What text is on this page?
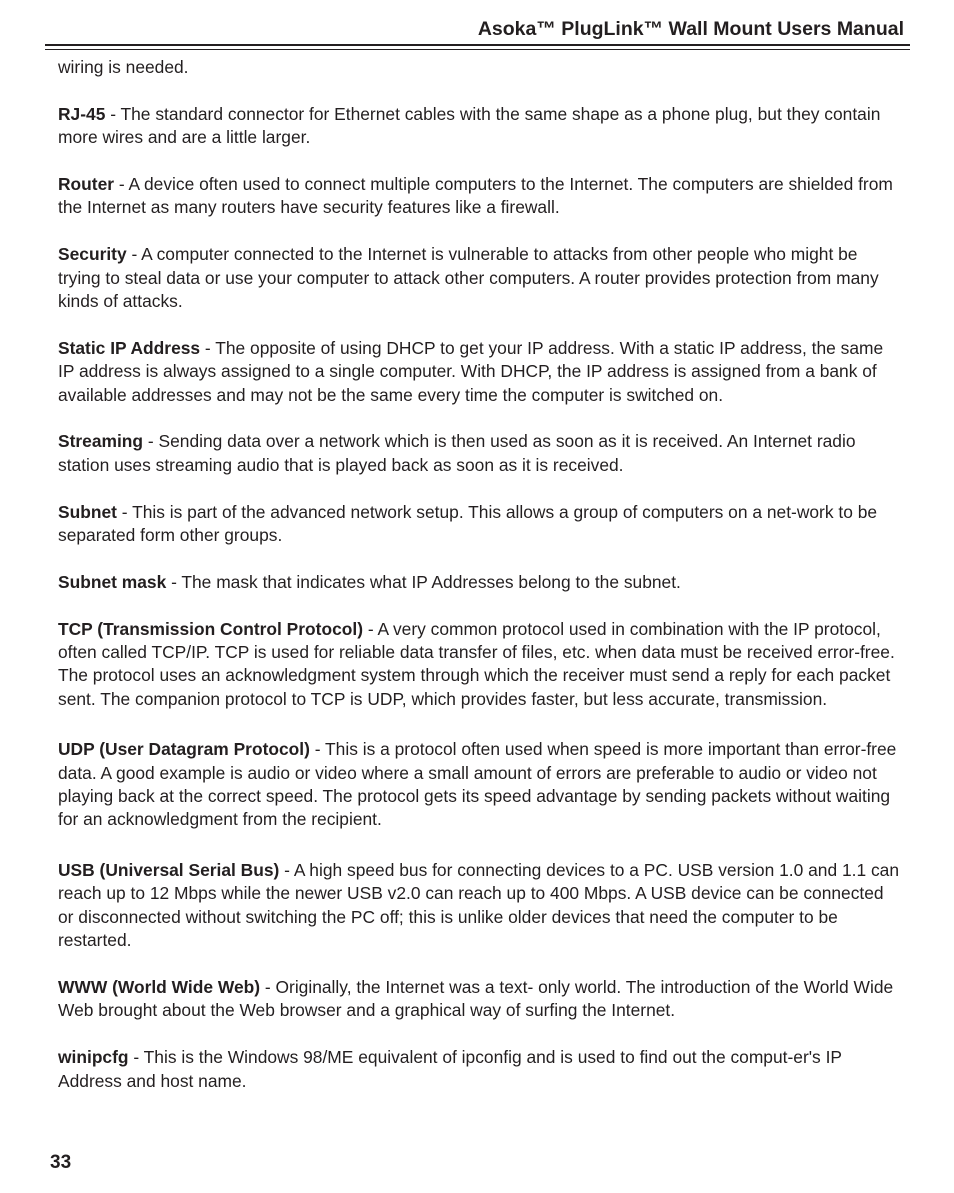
Asoka™ PlugLink™ Wall Mount Users Manual

wiring is needed.

RJ-45 - The standard connector for Ethernet cables with the same shape as a phone plug, but they contain more wires and are a little larger.

Router - A device often used to connect multiple computers to the Internet. The computers are shielded from the Internet as many routers have security features like a firewall.

Security - A computer connected to the Internet is vulnerable to attacks from other people who might be trying to steal data or use your computer to attack other computers. A router provides protection from many kinds of attacks.

Static IP Address - The opposite of using DHCP to get your IP address. With a static IP address, the same IP address is always assigned to a single computer. With DHCP, the IP address is assigned from a bank of available addresses and may not be the same every time the computer is switched on.

Streaming - Sending data over a network which is then used as soon as it is received. An Internet radio station uses streaming audio that is played back as soon as it is received.

Subnet - This is part of the advanced network setup. This allows a group of computers on a net-work to be separated form other groups.

Subnet mask - The mask that indicates what IP Addresses belong to the subnet.

TCP (Transmission Control Protocol) - A very common protocol used in combination with the IP protocol, often called TCP/IP. TCP is used for reliable data transfer of files, etc. when data must be received error-free. The protocol uses an acknowledgment system through which the receiver must send a reply for each packet sent. The companion protocol to TCP is UDP, which provides faster, but less accurate, transmission.

UDP (User Datagram Protocol) - This is a protocol often used when speed is more important than error-free data. A good example is audio or video where a small amount of errors are preferable to audio or video not playing back at the correct speed. The protocol gets its speed advantage by sending packets without waiting for an acknowledgment from the recipient.

USB (Universal Serial Bus) - A high speed bus for connecting devices to a PC. USB version 1.0 and 1.1 can reach up to 12 Mbps while the newer USB v2.0 can reach up to 400 Mbps. A USB device can be connected or disconnected without switching the PC off; this is unlike older devices that need the computer to be restarted.

WWW (World Wide Web) - Originally, the Internet was a text- only world. The introduction of the World Wide Web brought about the Web browser and a graphical way of surfing the Internet.

winipcfg - This is the Windows 98/ME equivalent of ipconfig and is used to find out the comput-er's IP Address and host name.

33
